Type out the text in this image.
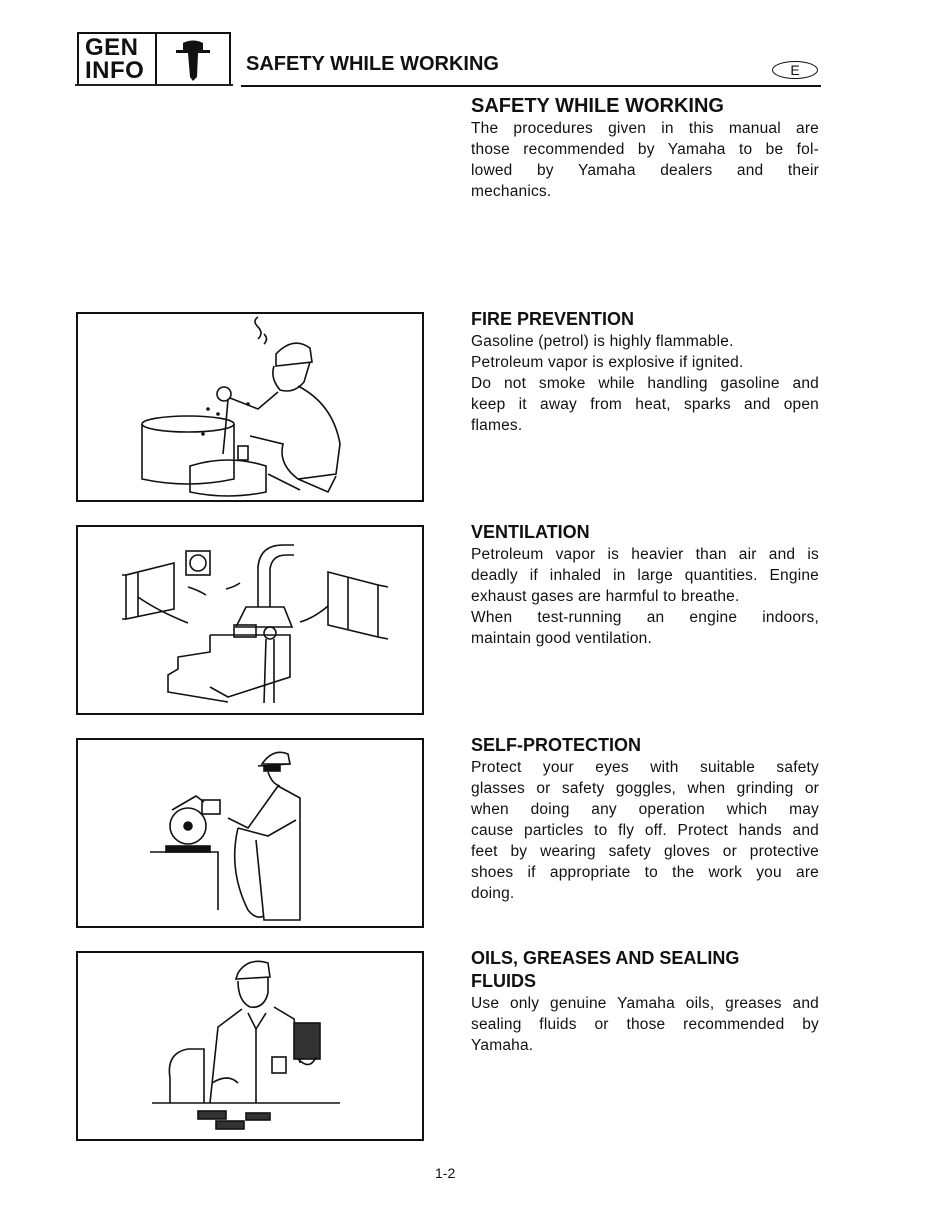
GEN
INFO	SAFETY WHILE WORKING	E

SAFETY WHILE WORKING

The procedures given in this manual are
those recommended by Yamaha to be fol-
lowed by Yamaha dealers and their
mechanics.

FIRE PREVENTION

Gasoline (petrol) is highly flammable.
Petroleum vapor is explosive if ignited.
Do not smoke while handling gasoline and
keep it away from heat, sparks and open
flames.

VENTILATION

Petroleum vapor is heavier than air and is
deadly if inhaled in large quantities. Engine
exhaust gases are harmful to breathe.
When test-running an engine indoors,
maintain good ventilation.

SELF-PROTECTION

Protect your eyes with suitable safety
glasses or safety goggles, when grinding or
when doing any operation which may
cause particles to fly off. Protect hands and
feet by wearing safety gloves or protective
shoes if appropriate to the work you are
doing.

OILS, GREASES AND SEALING

FLUIDS

Use only genuine Yamaha oils, greases and
sealing fluids or those recommended by
Yamaha.

1-2
